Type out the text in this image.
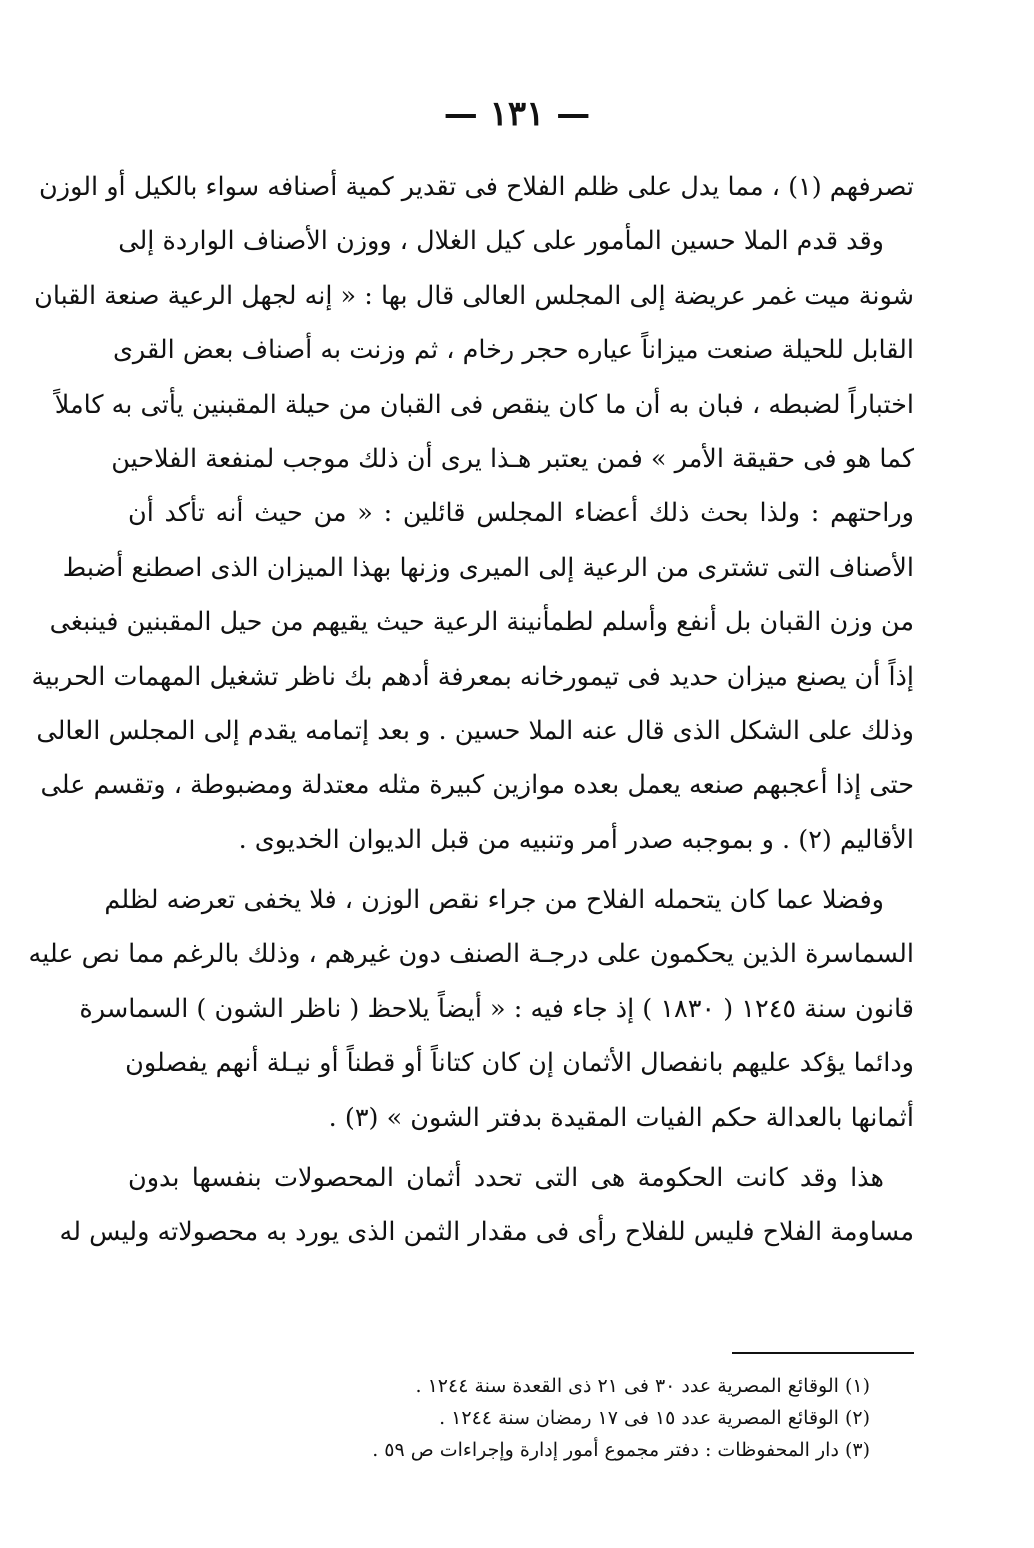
— ١٣١ —
تصرفهم (١) ، مما يدل على ظلم الفلاح فى تقدير كمية أصنافه سواء بالكيل أو الوزن
وقد قدم الملا حسين المأمور على كيل الغلال ، ووزن الأصناف الواردة إلى
شونة ميت غمر عريضة إلى المجلس العالى قال بها : « إنه لجهل الرعية صنعة القبان
القابل للحيلة صنعت ميزاناً عياره حجر رخام ، ثم وزنت به أصناف بعض القرى
اختباراً لضبطه ، فبان به أن ما كان ينقص فى القبان من حيلة المقبنين يأتى به كاملاً
كما هو فى حقيقة الأمر » فمن يعتبر هـذا يرى أن ذلك موجب لمنفعة الفلاحين
وراحتهم : ولذا بحث ذلك أعضاء المجلس قائلين : « من حيث أنه تأكد أن
الأصناف التى تشترى من الرعية إلى الميرى وزنها بهذا الميزان الذى اصطنع أضبط
من وزن القبان بل أنفع وأسلم لطمأنينة الرعية حيث يقيهم من حيل المقبنين فينبغى
إذاً أن يصنع ميزان حديد فى تيمورخانه بمعرفة أدهم بك ناظر تشغيل المهمات الحربية
وذلك على الشكل الذى قال عنه الملا حسين . و بعد إتمامه يقدم إلى المجلس العالى
حتى إذا أعجبهم صنعه يعمل بعده موازين كبيرة مثله معتدلة ومضبوطة ، وتقسم على
الأقاليم (٢) . و بموجبه صدر أمر وتنبيه من قبل الديوان الخديوى .
وفضلا عما كان يتحمله الفلاح من جراء نقص الوزن ، فلا يخفى تعرضه لظلم
السماسرة الذين يحكمون على درجـة الصنف دون غيرهم ، وذلك بالرغم مما نص عليه
قانون سنة ١٢٤٥ ( ١٨٣٠ ) إذ جاء فيه : « أيضاً يلاحظ ( ناظر الشون ) السماسرة
ودائما يؤكد عليهم بانفصال الأثمان إن كان كتاناً أو قطناً أو نيـلة أنهم يفصلون
أثمانها بالعدالة حكم الفيات المقيدة بدفتر الشون » (٣) .
هذا وقد كانت الحكومة هى التى تحدد أثمان المحصولات بنفسها بدون
مساومة الفلاح فليس للفلاح رأى فى مقدار الثمن الذى يورد به محصولاته وليس له
(١) الوقائع المصرية عدد ٣٠ فى ٢١ ذى القعدة سنة ١٢٤٤ .
(٢) الوقائع المصرية عدد ١٥ فى ١٧ رمضان سنة ١٢٤٤ .
(٣) دار المحفوظات : دفتر مجموع أمور إدارة وإجراءات ص ٥٩ .
